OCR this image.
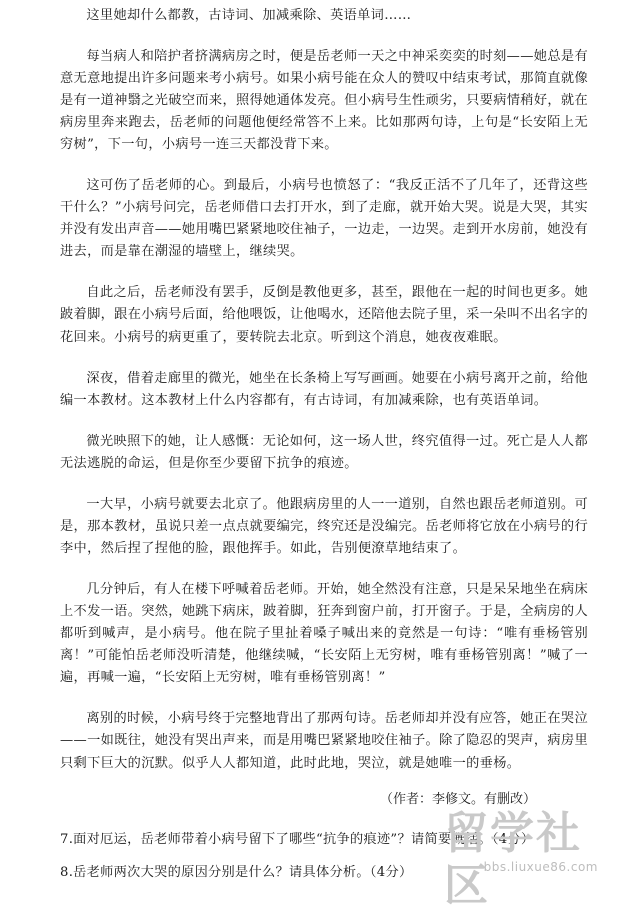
这里她却什么都教，古诗词、加减乘除、英语单词……

每当病人和陪护者挤满病房之时，便是岳老师一天之中神采奕奕的时刻——她总是有意无意地提出许多问题来考小病号。如果小病号能在众人的赞叹中结束考试，那简直就像是有一道神翳之光破空而来，照得她通体发亮。但小病号生性顽劣，只要病情稍好，就在病房里奔来跑去，岳老师的问题他便经常答不上来。比如那两句诗，上句是“长安陌上无穷树”，下一句，小病号一连三天都没背下来。

这可伤了岳老师的心。到最后，小病号也愤怒了：“我反正活不了几年了，还背这些干什么？”小病号问完，岳老师借口去打开水，到了走廊，就开始大哭。说是大哭，其实并没有发出声音——她用嘴巴紧紧地咬住袖子，一边走，一边哭。走到开水房前，她没有进去，而是靠在潮湿的墙壁上，继续哭。

自此之后，岳老师没有罢手，反倒是教他更多，甚至，跟他在一起的时间也更多。她跛着脚，跟在小病号后面，给他喂饭，让他喝水，还陪他去院子里，采一朵叫不出名字的花回来。小病号的病更重了，要转院去北京。听到这个消息，她夜夜难眠。

深夜，借着走廊里的微光，她坐在长条椅上写写画画。她要在小病号离开之前，给他编一本教材。这本教材上什么内容都有，有古诗词，有加减乘除，也有英语单词。

微光映照下的她，让人感慨：无论如何，这一场人世，终究值得一过。死亡是人人都无法逃脱的命运，但是你至少要留下抗争的痕迹。

一大早，小病号就要去北京了。他跟病房里的人一一道别，自然也跟岳老师道别。可是，那本教材，虽说只差一点点就要编完，终究还是没编完。岳老师将它放在小病号的行李中，然后捏了捏他的脸，跟他挥手。如此，告别便潦草地结束了。

几分钟后，有人在楼下呼喊着岳老师。开始，她全然没有注意，只是呆呆地坐在病床上不发一语。突然，她跳下病床，跛着脚，狂奔到窗户前，打开窗子。于是，全病房的人都听到喊声，是小病号。他在院子里扯着嗓子喊出来的竟然是一句诗：“唯有垂杨管别离！”可能怕岳老师没听清楚，他继续喊，“长安陌上无穷树，唯有垂杨管别离！”喊了一遍，再喊一遍，“长安陌上无穷树，唯有垂杨管别离！”

离别的时候，小病号终于完整地背出了那两句诗。岳老师却并没有应答，她正在哭泣——一如既往，她没有哭出声来，而是用嘴巴紧紧地咬住袖子。除了隐忍的哭声，病房里只剩下巨大的沉默。似乎人人都知道，此时此地，哭泣，就是她唯一的垂杨。

（作者：李修文。有删改）
7.面对厄运，岳老师带着小病号留下了哪些“抗争的痕迹”？请简要概括。（4分）
8.岳老师两次大哭的原因分别是什么？请具体分析。（4分）
留学社区
bbs.liuxue86.com
